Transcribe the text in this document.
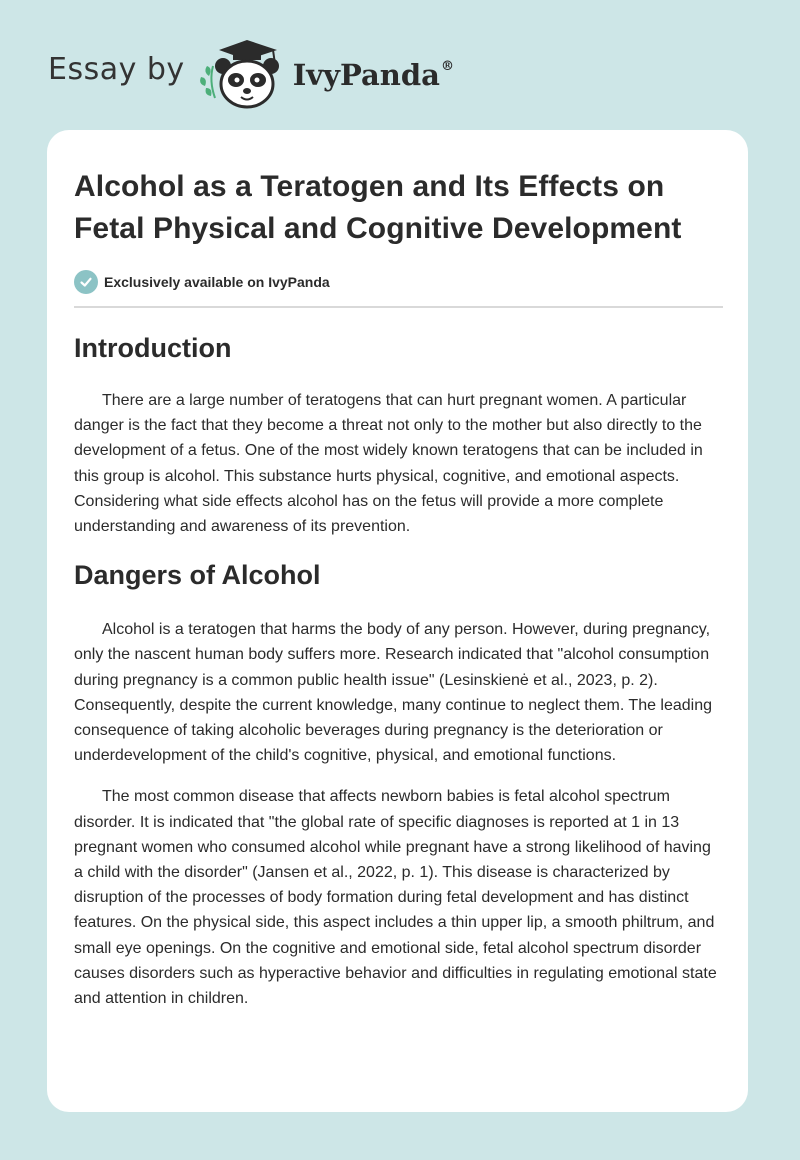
Essay by	IvyPanda®
Alcohol as a Teratogen and Its Effects on Fetal Physical and Cognitive Development
Exclusively available on IvyPanda
Introduction

There are a large number of teratogens that can hurt pregnant women. A particular danger is the fact that they become a threat not only to the mother but also directly to the development of a fetus. One of the most widely known teratogens that can be included in this group is alcohol. This substance hurts physical, cognitive, and emotional aspects. Considering what side effects alcohol has on the fetus will provide a more complete understanding and awareness of its prevention.

Dangers of Alcohol

Alcohol is a teratogen that harms the body of any person. However, during pregnancy, only the nascent human body suffers more. Research indicated that "alcohol consumption during pregnancy is a common public health issue" (Lesinskienė et al., 2023, p. 2). Consequently, despite the current knowledge, many continue to neglect them. The leading consequence of taking alcoholic beverages during pregnancy is the deterioration or underdevelopment of the child's cognitive, physical, and emotional functions.

The most common disease that affects newborn babies is fetal alcohol spectrum disorder. It is indicated that "the global rate of specific diagnoses is reported at 1 in 13 pregnant women who consumed alcohol while pregnant have a strong likelihood of having a child with the disorder" (Jansen et al., 2022, p. 1). This disease is characterized by disruption of the processes of body formation during fetal development and has distinct features. On the physical side, this aspect includes a thin upper lip, a smooth philtrum, and small eye openings. On the cognitive and emotional side, fetal alcohol spectrum disorder causes disorders such as hyperactive behavior and difficulties in regulating emotional state and attention in children.
